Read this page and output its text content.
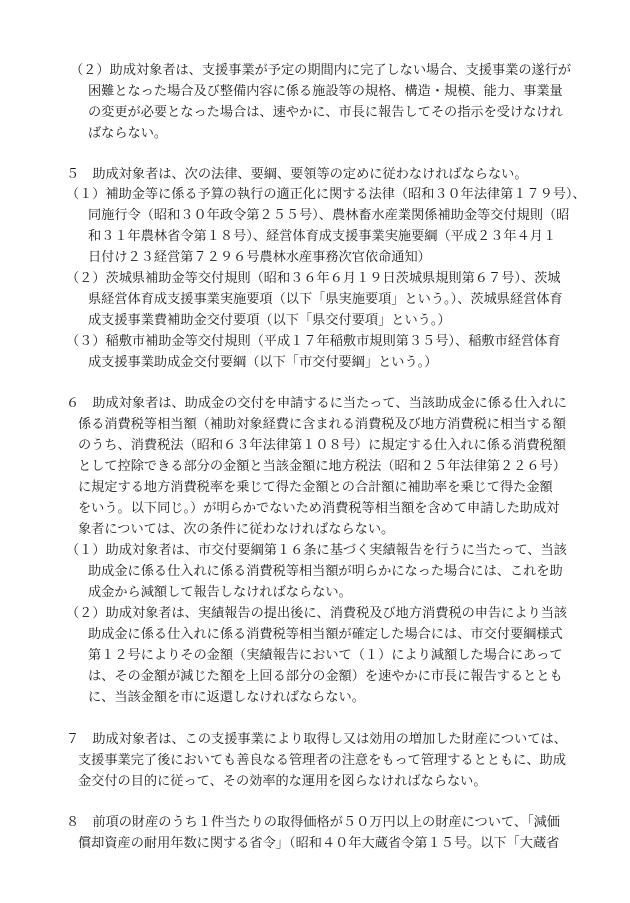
（２）助成対象者は、支援事業が予定の期間内に完了しない場合、支援事業の遂行が

困難となった場合及び整備内容に係る施設等の規格、構造・規模、能力、事業量

の変更が必要となった場合は、速やかに、市長に報告してその指示を受けなけれ

ばならない。

５　助成対象者は、次の法律、要綱、要領等の定めに従わなければならない。

（１）補助金等に係る予算の執行の適正化に関する法律（昭和３０年法律第１７９号）、

同施行令（昭和３０年政令第２５５号）、農林畜水産業関係補助金等交付規則（昭

和３１年農林省令第１８号）、経営体育成支援事業実施要綱（平成２３年４月１

日付け２３経営第７２９６号農林水産事務次官依命通知）

（２）茨城県補助金等交付規則（昭和３６年６月１９日茨城県規則第６７号）、茨城

県経営体育成支援事業実施要項（以下「県実施要項」という。）、茨城県経営体育

成支援事業費補助金交付要項（以下「県交付要項」という。）

（３）稲敷市補助金等交付規則（平成１７年稲敷市規則第３５号）、稲敷市経営体育

成支援事業助成金交付要綱（以下「市交付要綱」という。）

６　助成対象者は、助成金の交付を申請するに当たって、当該助成金に係る仕入れに

係る消費税等相当額（補助対象経費に含まれる消費税及び地方消費税に相当する額

のうち、消費税法（昭和６３年法律第１０８号）に規定する仕入れに係る消費税額

として控除できる部分の金額と当該金額に地方税法（昭和２５年法律第２２６号）

に規定する地方消費税率を乗じて得た金額との合計額に補助率を乗じて得た金額

をいう。以下同じ。）が明らかでないため消費税等相当額を含めて申請した助成対

象者については、次の条件に従わなければならない。

（１）助成対象者は、市交付要綱第１６条に基づく実績報告を行うに当たって、当該

助成金に係る仕入れに係る消費税等相当額が明らかになった場合には、これを助

成金から減額して報告しなければならない。

（２）助成対象者は、実績報告の提出後に、消費税及び地方消費税の申告により当該

助成金に係る仕入れに係る消費税等相当額が確定した場合には、市交付要綱様式

第１２号によりその金額（実績報告において（１）により減額した場合にあって

は、その金額が減じた額を上回る部分の金額）を速やかに市長に報告するととも

に、当該金額を市に返還しなければならない。

７　助成対象者は、この支援事業により取得し又は効用の増加した財産については、

支援事業完了後においても善良なる管理者の注意をもって管理するとともに、助成

金交付の目的に従って、その効率的な運用を図らなければならない。

８　前項の財産のうち１件当たりの取得価格が５０万円以上の財産について、「減価

償却資産の耐用年数に関する省令」（昭和４０年大蔵省令第１５号。以下「大蔵省
